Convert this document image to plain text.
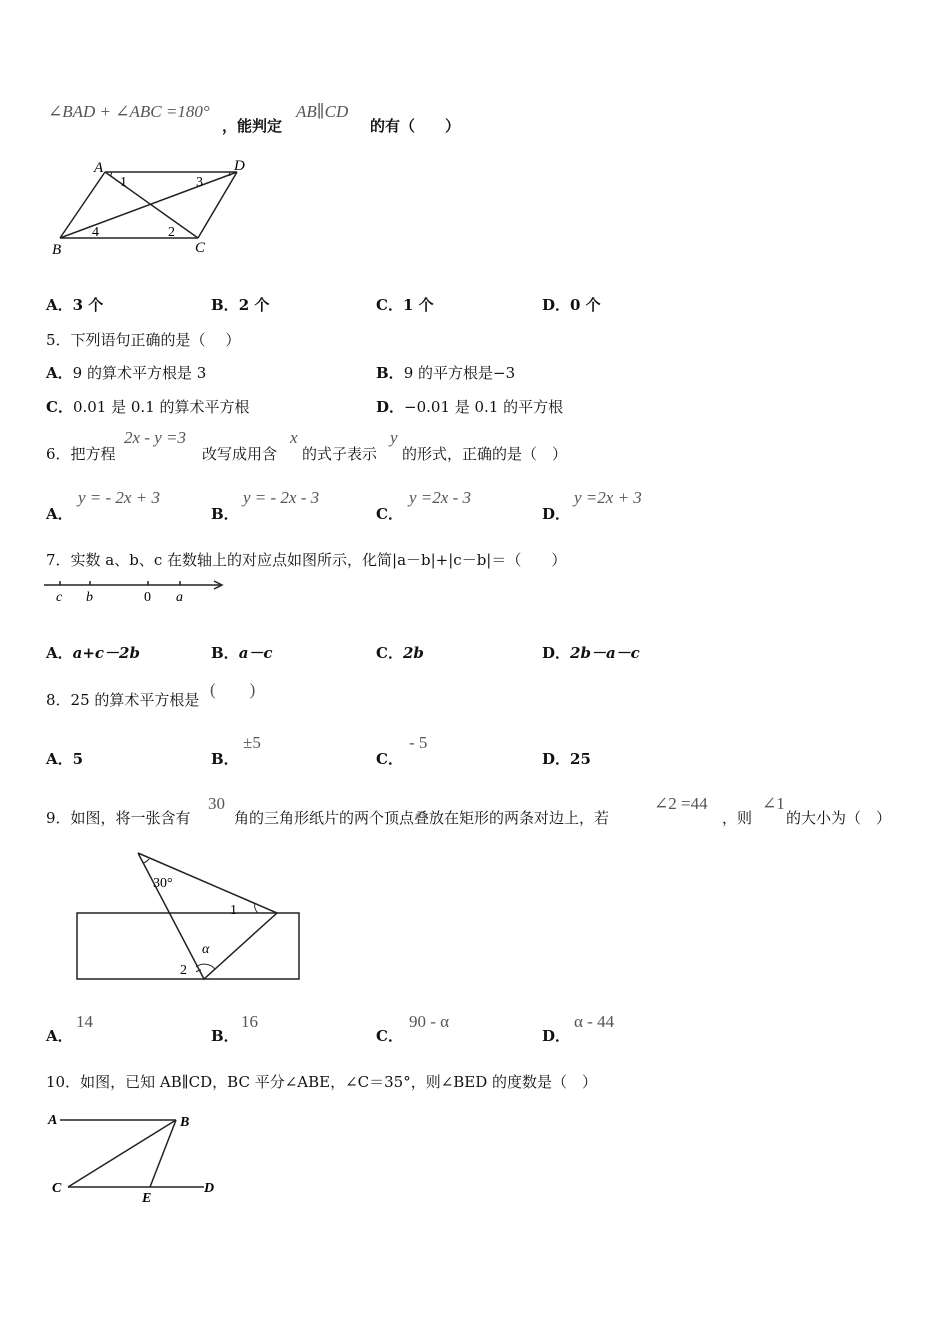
∠BAD + ∠ABC =180°
，能判定
AB∥CD
的有（　　）
A	D
B	C
1	3
2
4
A．3 个	B．2 个	C．1 个	D．0 个
5．下列语句正确的是（　 ）
A．9 的算术平方根是 3	B．9 的平方根是−3
C．0.01 是 0.1 的算术平方根	D．−0.01 是 0.1 的平方根
6．把方程
2x - y =3
改写成用含
x
的式子表示
y
的形式，正确的是（　）
A．
y = - 2x + 3
B．
y = - 2x - 3
C．
y =2x - 3
D．
y =2x + 3
7．实数 a、b、c 在数轴上的对应点如图所示，化简|a－b|+|c－b|＝（　　）
c b	0 a
A．a+c－2b	B．a－c	C．2b	D．2b－a－c
8．25 的算术平方根是
(　　)
A．5	B．
±5
C．
- 5
D．25
9．如图，将一张含有
30
角的三角形纸片的两个顶点叠放在矩形的两条对边上，若
∠2 =44
，则
∠1
的大小为（　）
30°
1
2
α
A．
14
B．
16
C．
90 - α
D．
α - 44
10．如图，已知 AB∥CD，BC 平分∠ABE，∠C＝35°，则∠BED 的度数是（　）
A	B
C
E
D
